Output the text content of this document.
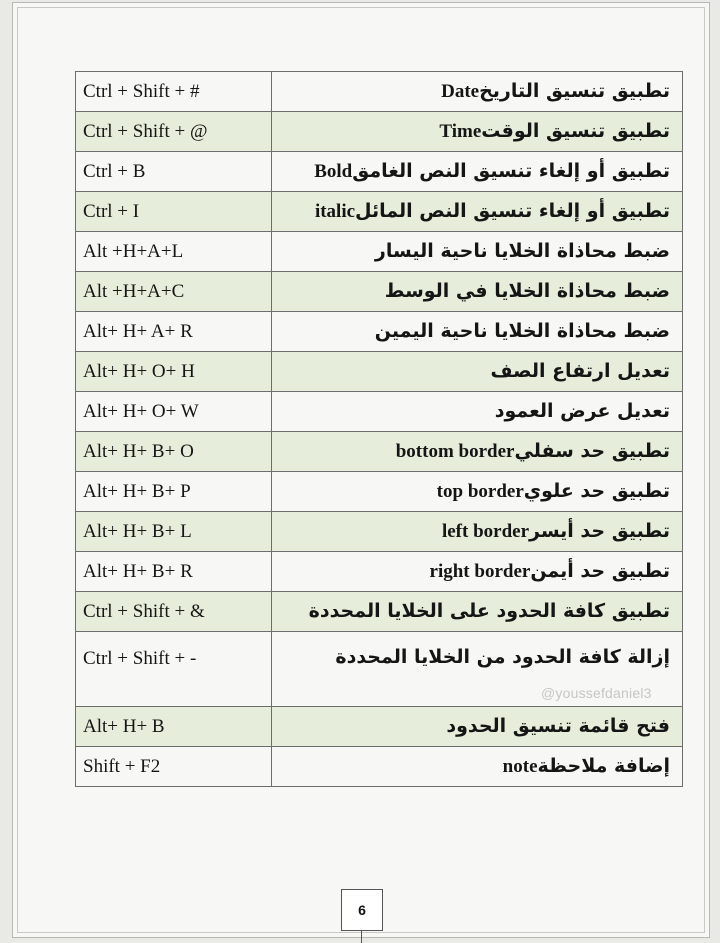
Ctrl + Shift + #	تطبيق تنسيق التاريخDate
Ctrl + Shift + @	تطبيق تنسيق الوقتTime
Ctrl + B	تطبيق أو إلغاء تنسيق النص الغامقBold
Ctrl + I	تطبيق أو إلغاء تنسيق النص المائلitalic
Alt +H+A+L	ضبط محاذاة الخلايا ناحية اليسار
Alt +H+A+C	ضبط محاذاة الخلايا في الوسط
Alt+ H+ A+ R	ضبط محاذاة الخلايا ناحية اليمين
Alt+ H+ O+ H	تعديل ارتفاع الصف
Alt+ H+ O+ W	تعديل عرض العمود
Alt+ H+ B+ O	تطبيق حد سفليbottom border
Alt+ H+ B+ P	تطبيق حد علويtop border
Alt+ H+ B+ L	تطبيق حد أيسرleft border
Alt+ H+ B+ R	تطبيق حد أيمنright border
Ctrl + Shift + &	تطبيق كافة الحدود على الخلايا المحددة
Ctrl + Shift + -	إزالة كافة الحدود من الخلايا المحددة
Alt+ H+ B	فتح قائمة تنسيق الحدود
Shift + F2	إضافة ملاحظةnote
@youssefdaniel3
6
